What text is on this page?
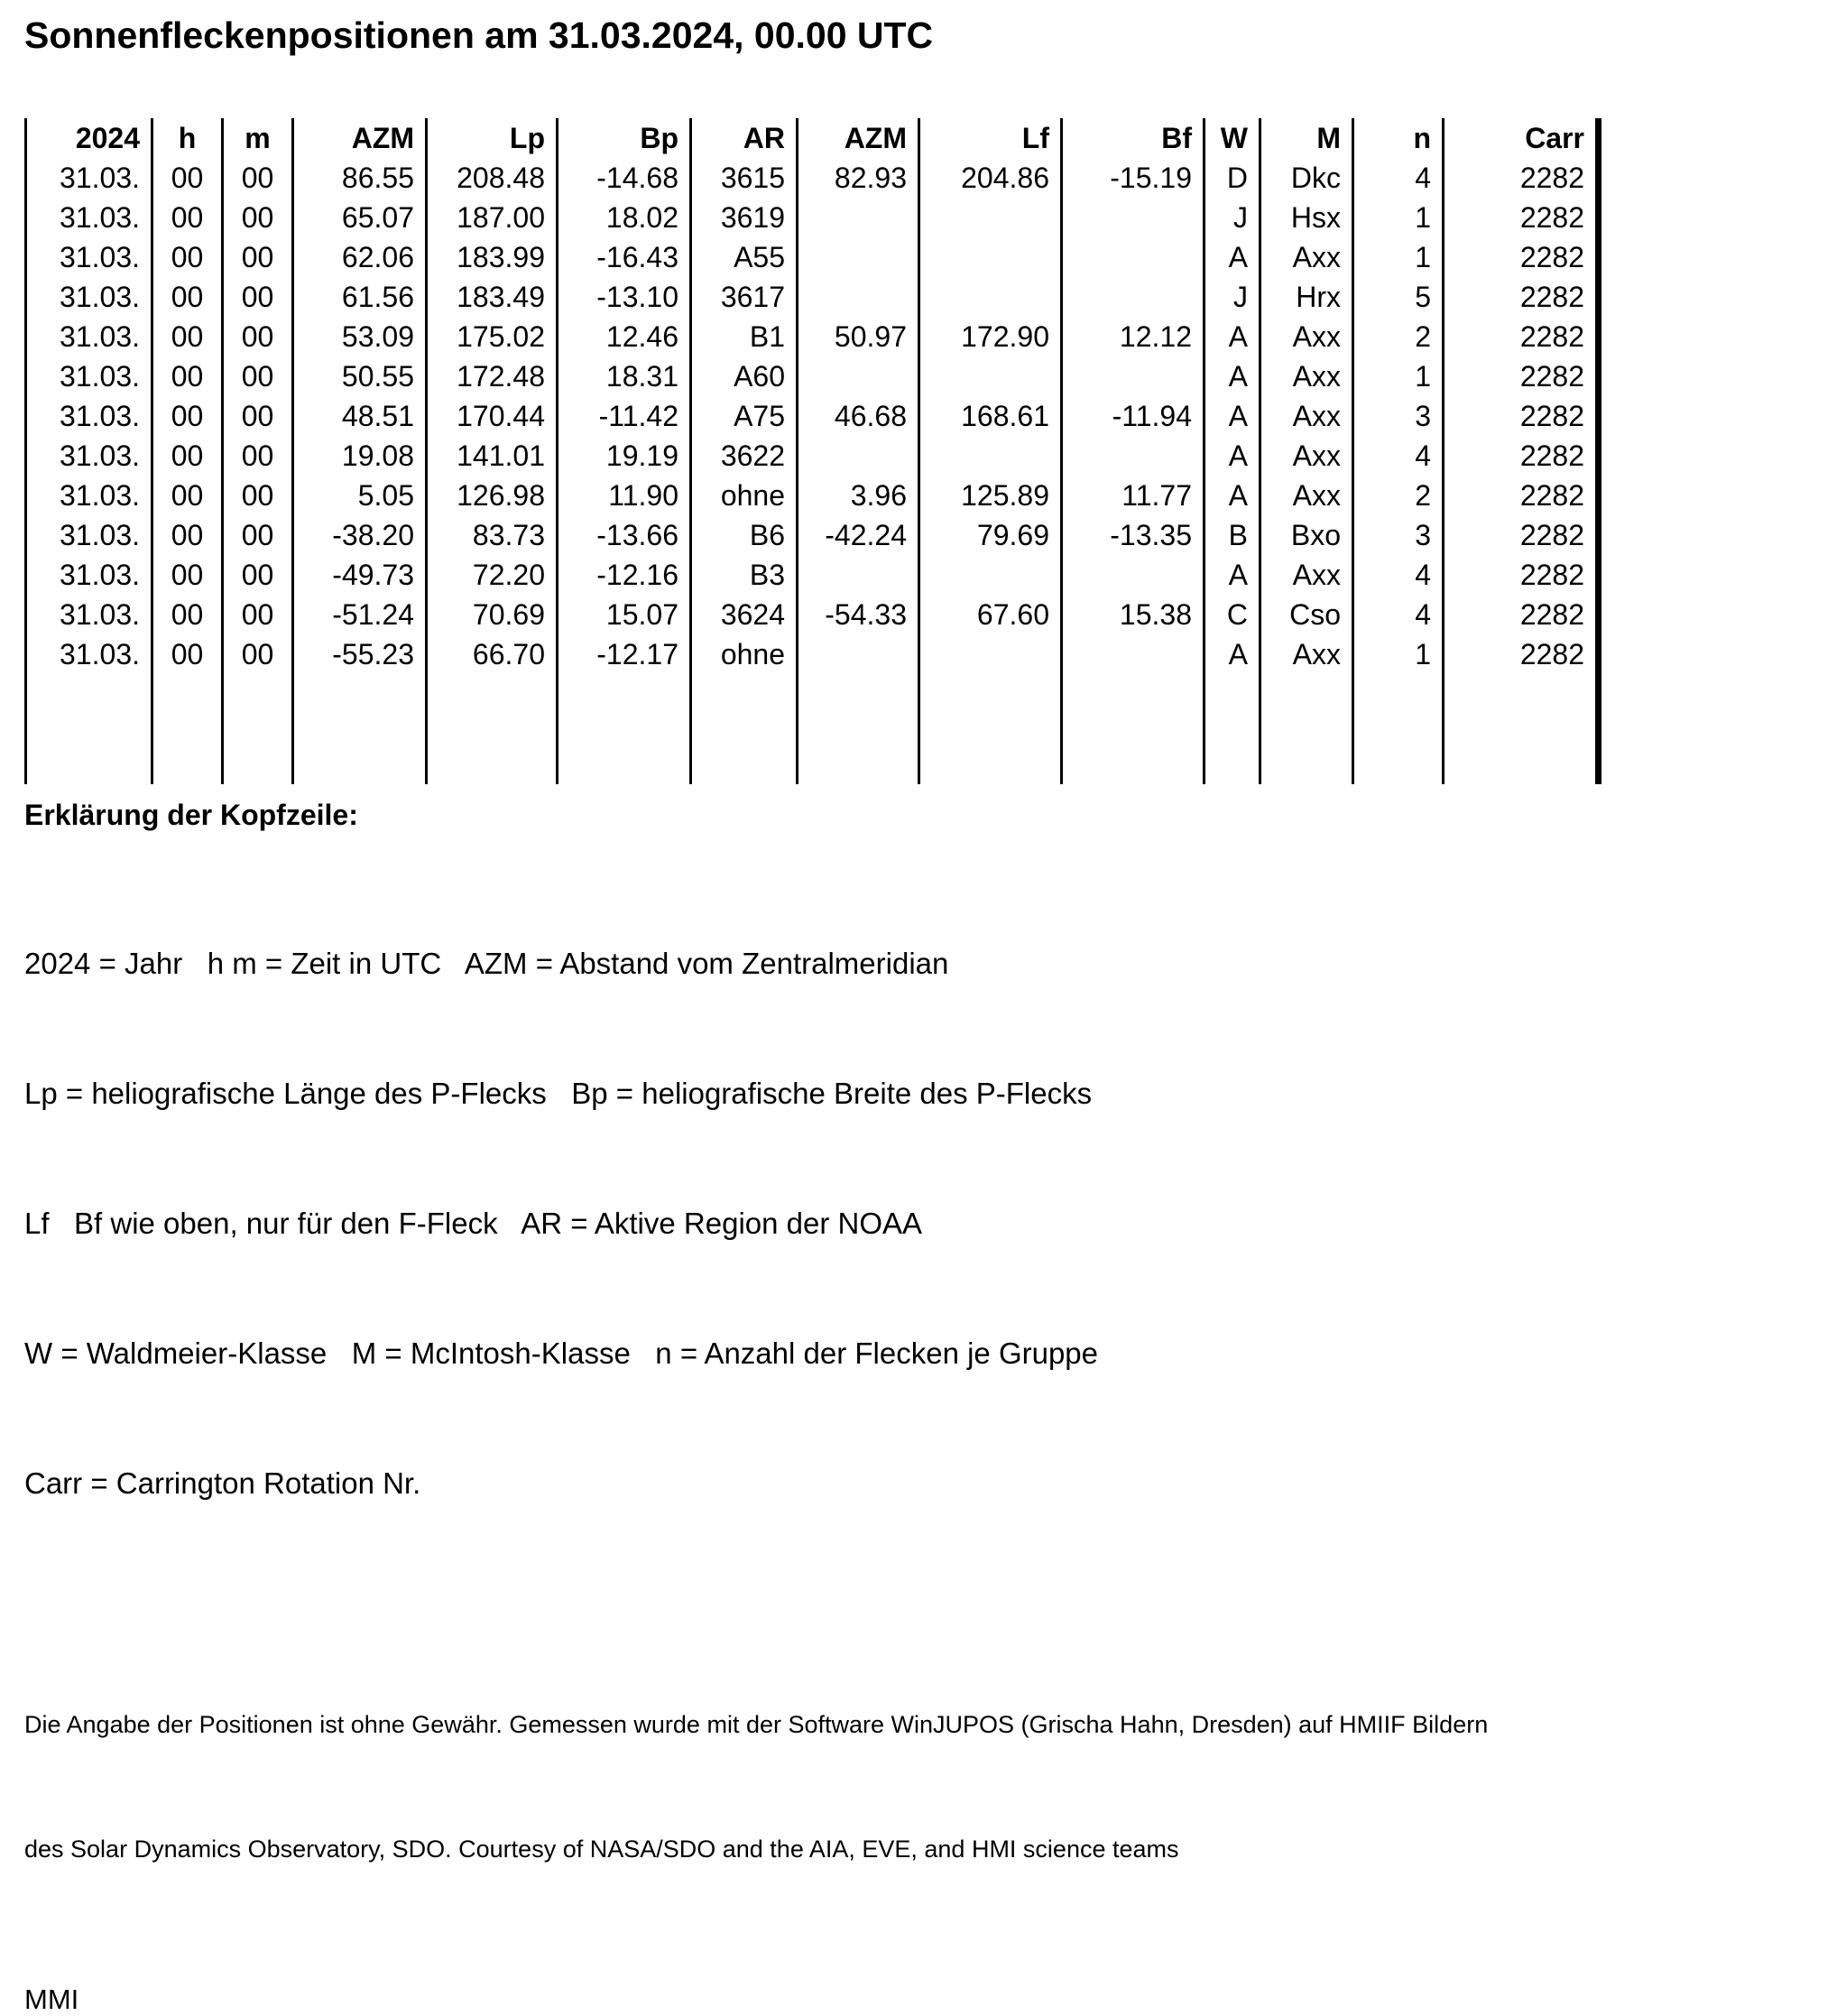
Sonnenfleckenpositionen am 31.03.2024, 00.00 UTC
2024	h	m	AZM	Lp	Bp	AR	AZM	Lf	Bf	W	M	n	Carr
31.03.	00	00	86.55	208.48	-14.68	3615	82.93	204.86	-15.19	D	Dkc	4	2282
31.03.	00	00	65.07	187.00	18.02	3619				J	Hsx	1	2282
31.03.	00	00	62.06	183.99	-16.43	A55				A	Axx	1	2282
31.03.	00	00	61.56	183.49	-13.10	3617				J	Hrx	5	2282
31.03.	00	00	53.09	175.02	12.46	B1	50.97	172.90	12.12	A	Axx	2	2282
31.03.	00	00	50.55	172.48	18.31	A60				A	Axx	1	2282
31.03.	00	00	48.51	170.44	-11.42	A75	46.68	168.61	-11.94	A	Axx	3	2282
31.03.	00	00	19.08	141.01	19.19	3622				A	Axx	4	2282
31.03.	00	00	5.05	126.98	11.90	ohne	3.96	125.89	11.77	A	Axx	2	2282
31.03.	00	00	-38.20	83.73	-13.66	B6	-42.24	79.69	-13.35	B	Bxo	3	2282
31.03.	00	00	-49.73	72.20	-12.16	B3				A	Axx	4	2282
31.03.	00	00	-51.24	70.69	15.07	3624	-54.33	67.60	15.38	C	Cso	4	2282
31.03.	00	00	-55.23	66.70	-12.17	ohne				A	Axx	1	2282

Erklärung der Kopfzeile:

2024 = Jahr   h m = Zeit in UTC   AZM = Abstand vom Zentralmeridian

Lp = heliografische Länge des P-Flecks   Bp = heliografische Breite des P-Flecks

Lf   Bf wie oben, nur für den F-Fleck   AR = Aktive Region der NOAA

W = Waldmeier-Klasse   M = McIntosh-Klasse   n = Anzahl der Flecken je Gruppe

Carr = Carrington Rotation Nr.

Die Angabe der Positionen ist ohne Gewähr. Gemessen wurde mit der Software WinJUPOS (Grischa Hahn, Dresden) auf HMIIF Bildern

des Solar Dynamics Observatory, SDO. Courtesy of NASA/SDO and the AIA, EVE, and HMI science teams

MMI
